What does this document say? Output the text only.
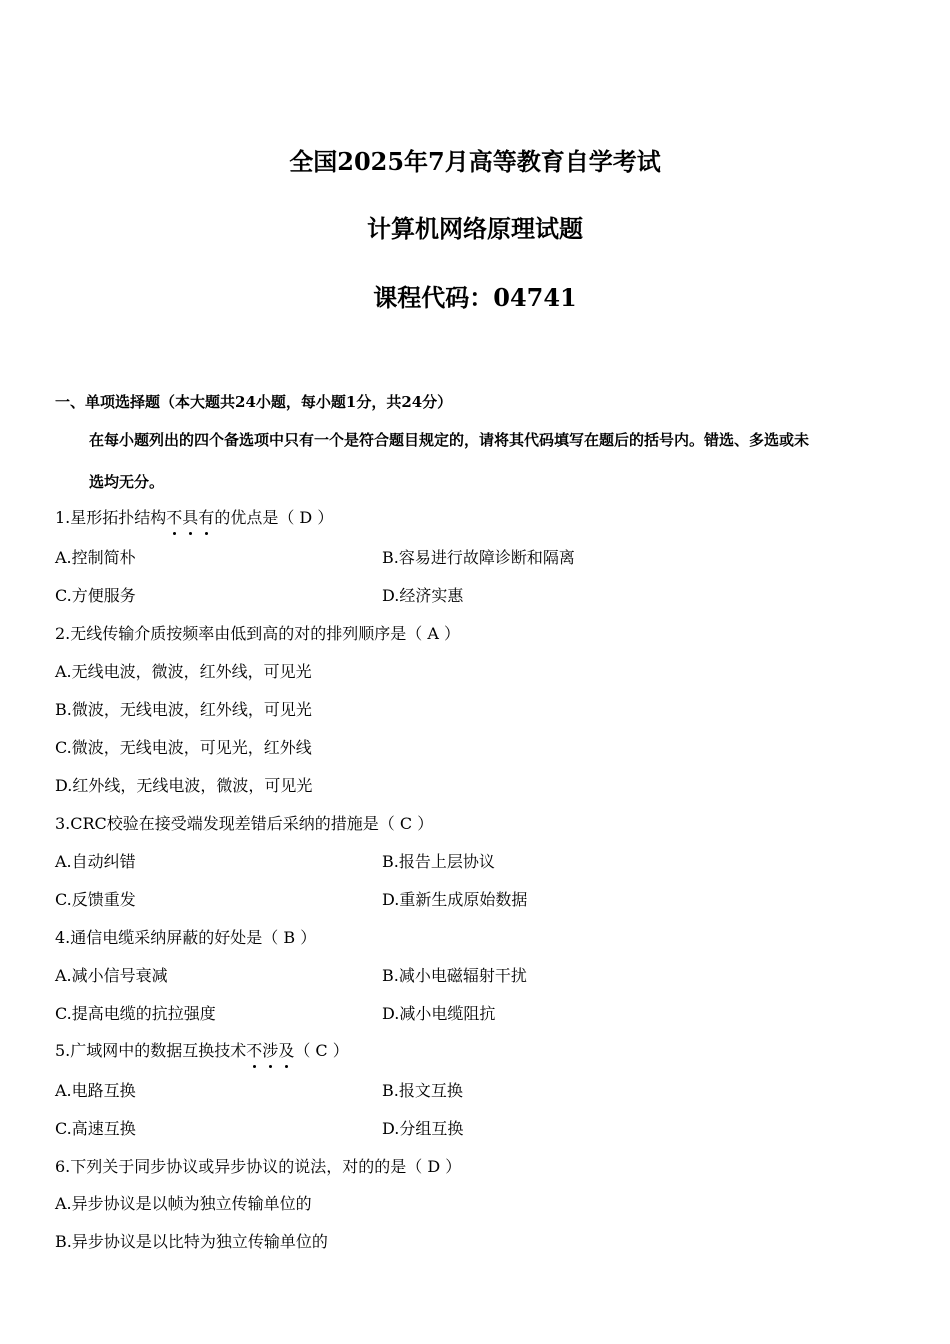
全国2025年7月高等教育自学考试
计算机网络原理试题
课程代码：04741
一、单项选择题（本大题共24小题，每小题1分，共24分）
在每小题列出的四个备选项中只有一个是符合题目规定的，请将其代码填写在题后的括号内。错选、多选或未
选均无分。
1.星形拓扑结构不具有的优点是（ D ）
A.控制简朴	B.容易进行故障诊断和隔离
C.方便服务	D.经济实惠
2.无线传输介质按频率由低到高的对的排列顺序是（ A ）
A.无线电波，微波，红外线，可见光
B.微波，无线电波，红外线，可见光
C.微波，无线电波，可见光，红外线
D.红外线，无线电波，微波，可见光
3.CRC校验在接受端发现差错后采纳的措施是（ C ）
A.自动纠错	B.报告上层协议
C.反馈重发	D.重新生成原始数据
4.通信电缆采纳屏蔽的好处是（ B ）
A.减小信号衰减	B.减小电磁辐射干扰
C.提高电缆的抗拉强度	D.减小电缆阻抗
5.广域网中的数据互换技术不涉及（ C ）
A.电路互换	B.报文互换
C.高速互换	D.分组互换
6.下列关于同步协议或异步协议的说法，对的的是（ D ）
A.异步协议是以帧为独立传输单位的
B.异步协议是以比特为独立传输单位的
